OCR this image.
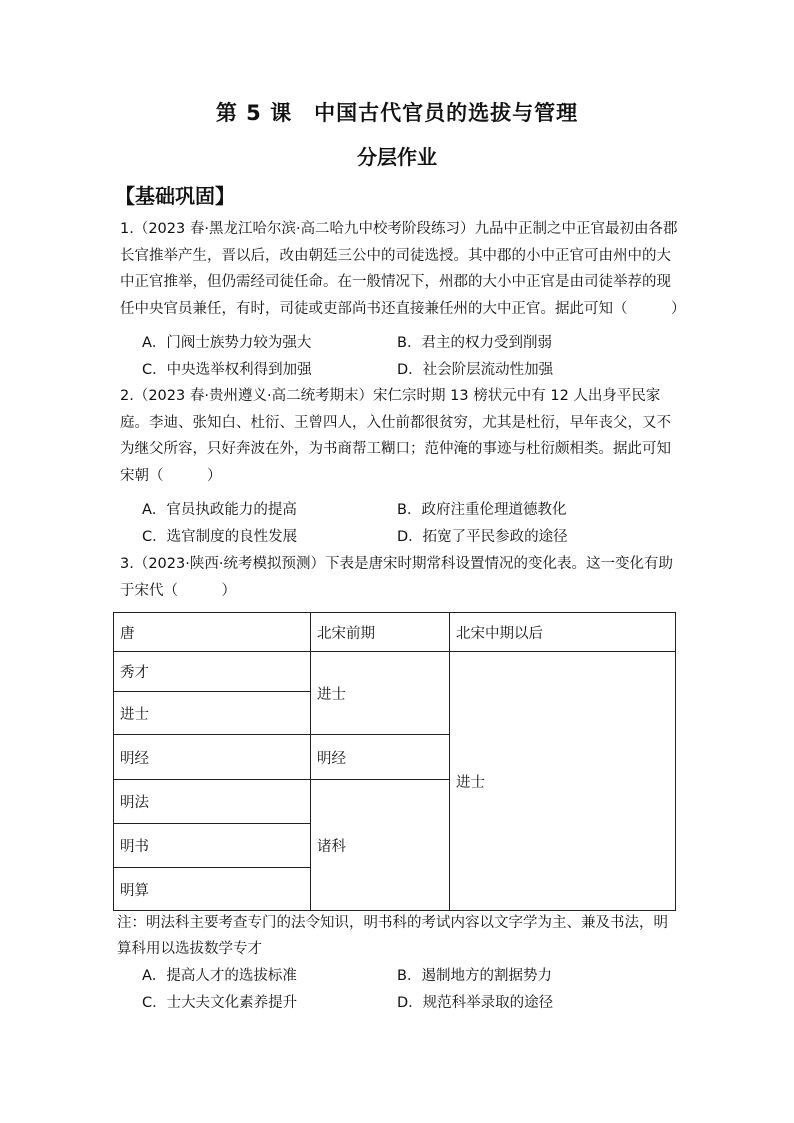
第 5 课　中国古代官员的选拔与管理
分层作业
【基础巩固】
1.（2023 春·黑龙江哈尔滨·高二哈九中校考阶段练习）九品中正制之中正官最初由各郡长官推举产生，晋以后，改由朝廷三公中的司徒选授。其中郡的小中正官可由州中的大中正官推举，但仍需经司徒任命。在一般情况下，州郡的大小中正官是由司徒举荐的现任中央官员兼任，有时，司徒或吏部尚书还直接兼任州的大中正官。据此可知（　　　）
A．门阀士族势力较为强大	B．君主的权力受到削弱
C．中央选举权利得到加强	D．社会阶层流动性加强
2.（2023 春·贵州遵义·高二统考期末）宋仁宗时期 13 榜状元中有 12 人出身平民家庭。李迪、张知白、杜衍、王曾四人，入仕前都很贫穷，尤其是杜衍，早年丧父，又不为继父所容，只好奔波在外，为书商帮工糊口；范仲淹的事迹与杜衍颇相类。据此可知宋朝（　　　）
A．官员执政能力的提高	B．政府注重伦理道德教化
C．选官制度的良性发展	D．拓宽了平民参政的途径
3.（2023·陕西·统考模拟预测）下表是唐宋时期常科设置情况的变化表。这一变化有助于宋代（　　　）
唐	北宋前期	北宋中期以后
秀才	进士	进士
进士		
明经	明经	
明法	诸科	
明书		
明算		
注：明法科主要考查专门的法令知识，明书科的考试内容以文字学为主、兼及书法，明算科用以选拔数学专才
A．提高人才的选拔标准	B．遏制地方的割据势力
C．士大夫文化素养提升	D．规范科举录取的途径
